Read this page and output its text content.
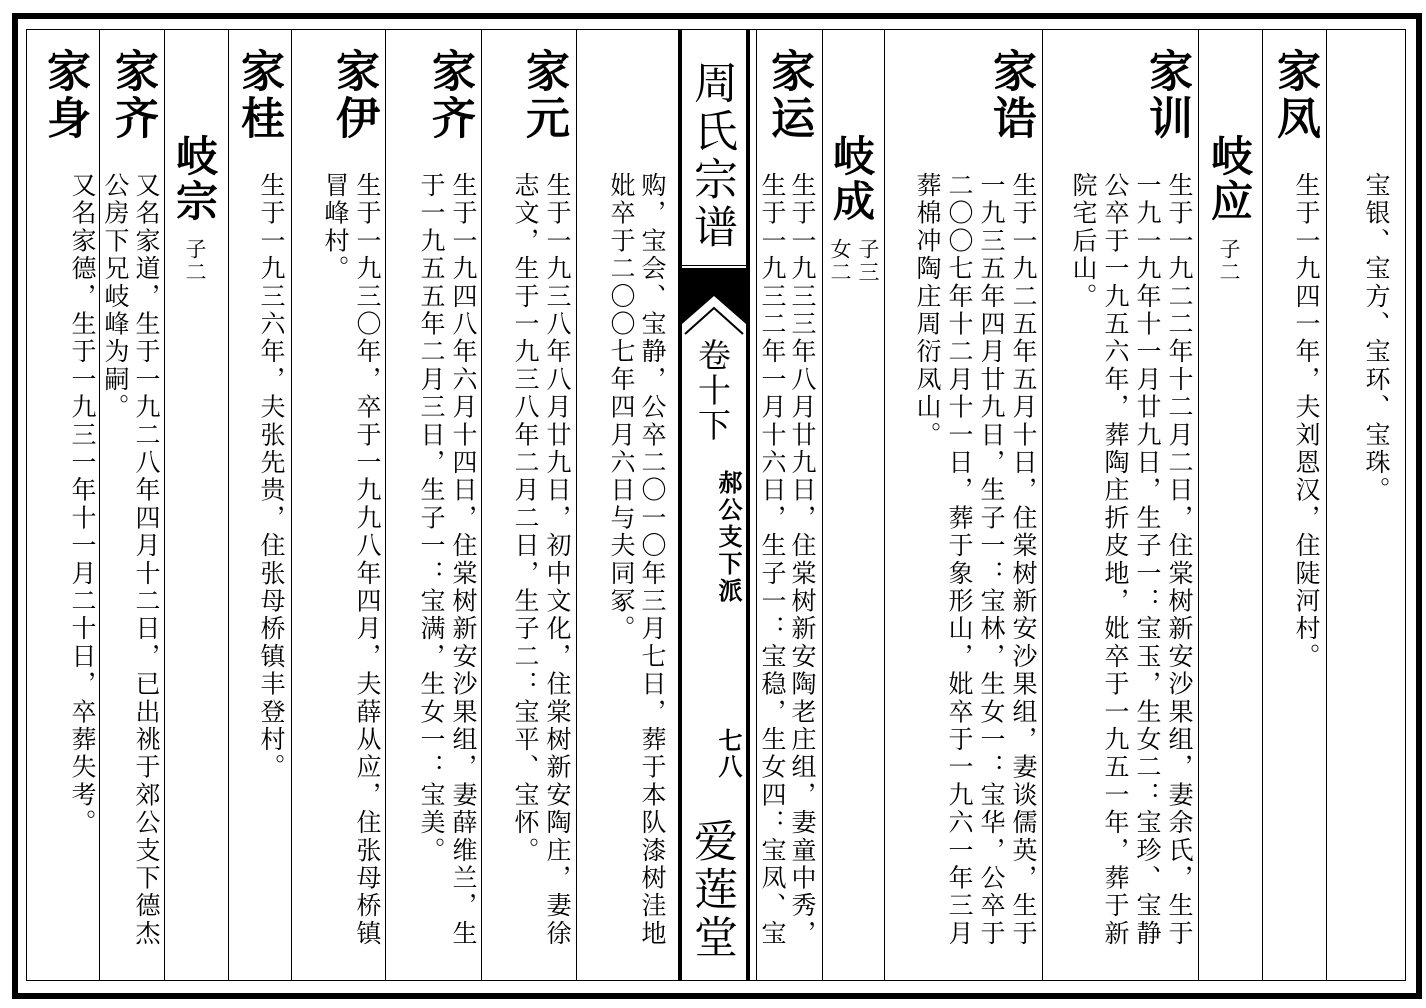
周氏宗谱
卷十下
郝公支下派
七八
爱莲堂
宝银、宝方、宝环、宝珠。
家凤
生于一九四一年，夫刘恩汉，住陡河村。
岐应
子二
家训
生于一九二二年十二月二日，住棠树新安沙果组，妻余氏，生于
一九一九年十一月廿九日，生子一：宝玉，生女二：宝珍、宝静
公卒于一九五六年，葬陶庄折皮地，妣卒于一九五一年，葬于新
院宅后山。
家诰
生于一九二五年五月十日，住棠树新安沙果组，妻谈儒英，生于
一九三五年四月廿九日，生子一：宝林，生女一：宝华，公卒于
二〇〇七年十二月十一日，葬于象形山，妣卒于一九六一年三月
葬棉冲陶庄周衍凤山。
岐成
子三
女二
家运
生于一九三三年八月廿九日，住棠树新安陶老庄组，妻童中秀，
生于一九三二年一月十六日，生子一：宝稳，生女四：宝凤、宝
购，宝会、宝静，公卒二〇一〇年三月七日，葬于本队漆树洼地
妣卒于二〇〇七年四月六日与夫同冢。
家元
生于一九三八年八月廿九日，初中文化，住棠树新安陶庄，妻徐
志文，生于一九三八年二月二日，生子二：宝平、宝怀。
家齐
生于一九四八年六月十四日，住棠树新安沙果组，妻薛维兰，生
于一九五五年二月三日，生子一：宝满，生女一：宝美。
家伊
生于一九三〇年，卒于一九九八年四月，夫薛从应，住张母桥镇
冒峰村。
家桂
生于一九三六年，夫张先贵，住张母桥镇丰登村。
岐宗
子二
家齐
又名家道，生于一九二八年四月十二日，已出祧于郊公支下德杰
公房下兄岐峰为嗣。
家身
又名家德，生于一九三一年十一月二十日，卒葬失考。
